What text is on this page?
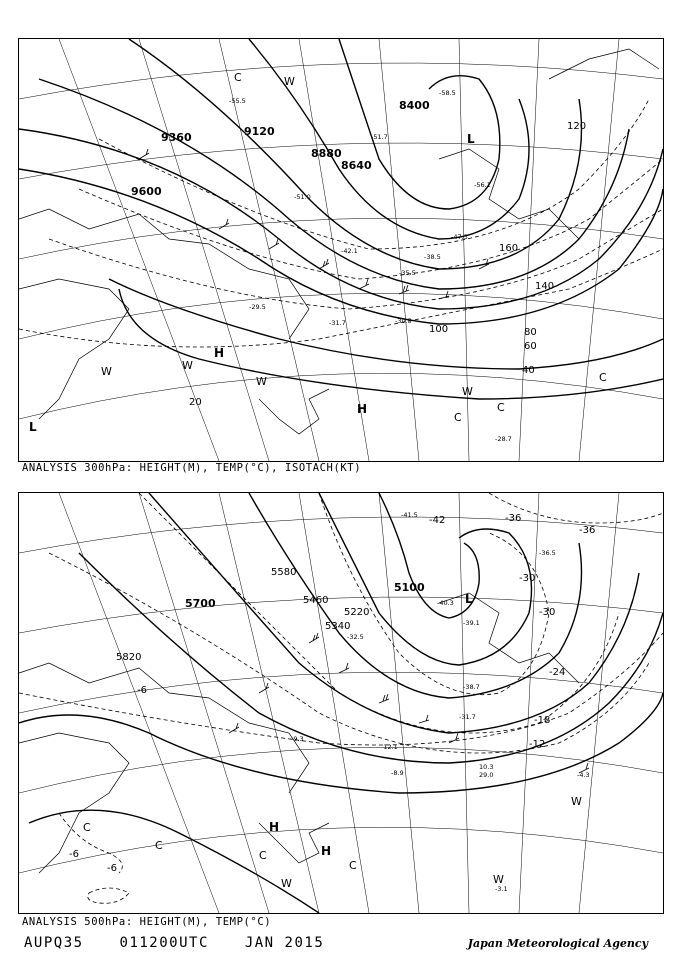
9360	9120
9600
8880
8640
8400
20
40
60
80
100
120
140
160
L
L
H
H
C
C
C
C
W
W	W
W
W
-55.5
-51.0
-47.3
-42.1
-38.5
-35.5
-31.7	-30.3
-29.5
-28.7
-51.7
-58.5
-56.1
ANALYSIS 300hPa: HEIGHT(M), TEMP(°C), ISOTACH(KT)
5580
5700
5820
5460
5340
5220
5100
-42	-36
-36
-30
-30
-24
-18
-12
-6
-6
-6
H
H
L
C
C
C
C
W	W
W
-41.5
-40.3
-39.1
-38.7
-36.5
-32.5
-31.7
-12.1
-9.3
-8.9	-4.3
-3.1
10.3
29.0
ANALYSIS 500hPa: HEIGHT(M), TEMP(°C)
AUPQ35	011200UTC	JAN 2015	Japan Meteorological Agency
